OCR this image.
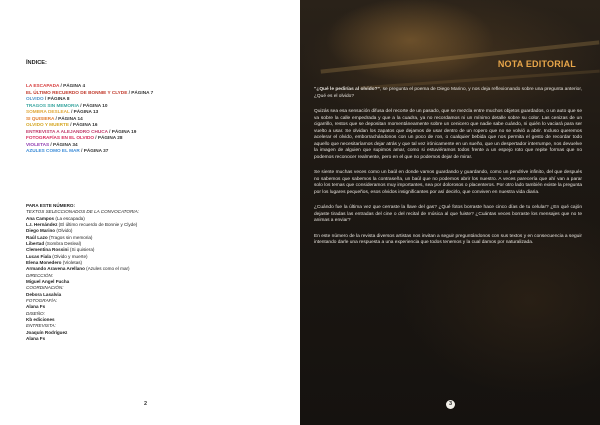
ÍNDICE:
LA ESCAPADA / PÁGINA 4
EL ÚLTIMO RECUERDO DE BONNIE Y CLYDE / PÁGINA 7
OLVIDO / PÁGINA 8
TRAGOS SIN MEMORIA / PÁGINA 10
SOMBRA DESLEAL / PÁGINA 13
SI QUISIERA / PÁGINA 14
OLVIDO Y MUERTE / PÁGINA 16
ENTREVISTA A ALEJANDRO CHUCA / PÁGINA 19
FOTOGRAFÍAS EN EL OLVIDO / PÁGINA 28
VIOLETAS / PÁGINA 34
AZULES COMO EL MAR / PÁGINA 37
PARA ESTE NÚMERO:
TEXTOS SELECCIONADOS DE LA CONVOCATORIA:
Ana Campos (La escapada)
L.I. Hernández (El último recuerdo de Bonnie y Clyde)
Diego Marino (Olvido)
Raúl Lazo (Tragos sin memoria)
Libertad (Sombra Desleal)
Clementina Rossini (Si quisiera)
Lucas Fiala (Olvido y muerte)
Elena Monedero (Violetas)
Armando Aravena Arellano (Azules como el mar)
DIRECCIÓN:
Miguel Angel Fucha
COORDINACIÓN:
Debora Lasalvia
FOTOGRAFÍA:
Alana Fs
DISEÑO:
Kb ediciones
ENTREVISTA:
Joaquín Rodríguez
Alana Fs
2
NOTA EDITORIAL

“¿Qué le pedirías al olvido?”, se pregunta el poema de Diego Marino, y nos deja reflexionando sobre una pregunta anterior, ¿Qué es el olvido?

Quizás sea esa sensación difusa del recorte de un pasado, que se mezcla entre muchos objetos guardados, o un auto que se va sobre la calle empedrada y que a la cuadra, ya no recordamos ni un mínimo detalle sobre su color. Las cenizas de un cigarrillo, restos que se depositan momentáneamente sobre un cenicero que nadie sabe cuándo, ni quién lo vaciará para ser vuelto a usar. Se olvidan los zapatos que dejamos de usar dentro de un ropero que no se volvió a abrir. Incluso queremos acelerar el olvido, emborrachándonos con un poco de ron, o cualquier bebida que nos permita el gesto de recordar todo aquello que necesitaríamos dejar atrás y que tal vez irónicamente en un sueño, que un despertador interrumpe, nos devuelve la imagen de alguien que supimos amar, como si estuviéramos todos frente a un espejo roto que repite formas que no podemos reconocer realmente, pero en el que no podemos dejar de mirar.

Se siente muchas veces como un baúl en donde vamos guardando y guardando, como un pendrive infinito, del que después no sabemos que sabemos la contraseña, un baúl que no podemos abrir los nuestro. A veces parecería que ahí van a parar solo los temas que consideramos muy importantes, sea por dolorosos o placenteros. Por otro lado también existe la pregunta por los lugares pequeños, esos olvidos insignificantes por así decirlo, que conviven en nuestra vida diaria.

¿Cuándo fue la última vez que cerraste la llave del gas? ¿Qué fotos borraste hace cinco días de tu celular? ¿En qué cajón dejaste tiradas las entradas del cine o del recital de música al que fuiste? ¿Cuántas veces borraste los mensajes que no te animas a enviar?

En este número de la revista diversos artistas nos invitan a seguir preguntándonos con sus textos y en consecuencia a seguir intentando darle una respuesta a una experiencia que todos tenemos y la cual damos por naturalizada.

3
